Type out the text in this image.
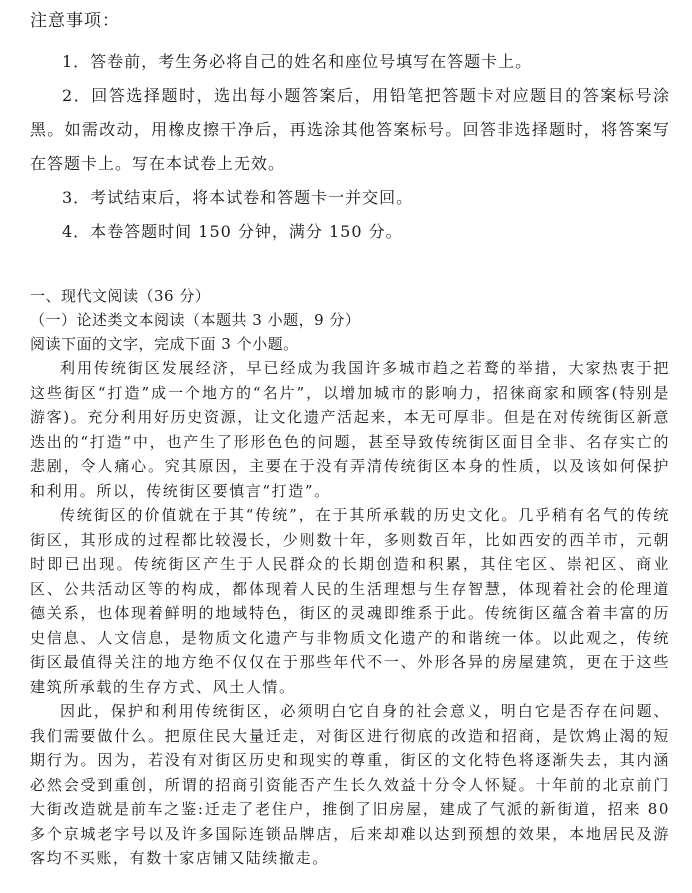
注意事项：

1．答卷前，考生务必将自己的姓名和座位号填写在答题卡上。

2．回答选择题时，选出每小题答案后，用铅笔把答题卡对应题目的答案标号涂黑。如需改动，用橡皮擦干净后，再选涂其他答案标号。回答非选择题时，将答案写在答题卡上。写在本试卷上无效。

3．考试结束后，将本试卷和答题卡一并交回。

4．本卷答题时间 150 分钟，满分 150 分。

一、现代文阅读（36 分）
（一）论述类文本阅读（本题共 3 小题，9 分）
阅读下面的文字，完成下面 3 个小题。

利用传统街区发展经济，早已经成为我国许多城市趋之若鹜的举措，大家热衷于把这些街区“打造”成一个地方的“名片”，以增加城市的影响力，招徕商家和顾客(特别是游客)。充分利用好历史资源，让文化遗产活起来，本无可厚非。但是在对传统街区新意迭出的“打造”中，也产生了形形色色的问题，甚至导致传统街区面目全非、名存实亡的悲剧，令人痛心。究其原因，主要在于没有弄清传统街区本身的性质，以及该如何保护和利用。所以，传统街区要慎言“打造”。

传统街区的价值就在于其“传统”，在于其所承载的历史文化。几乎稍有名气的传统街区，其形成的过程都比较漫长，少则数十年，多则数百年，比如西安的西羊市，元朝时即已出现。传统街区产生于人民群众的长期创造和积累，其住宅区、崇祀区、商业区、公共活动区等的构成，都体现着人民的生活理想与生存智慧，体现着社会的伦理道德关系，也体现着鲜明的地域特色，街区的灵魂即维系于此。传统街区蕴含着丰富的历史信息、人文信息，是物质文化遗产与非物质文化遗产的和谐统一体。以此观之，传统街区最值得关注的地方绝不仅仅在于那些年代不一、外形各异的房屋建筑，更在于这些建筑所承载的生存方式、风土人情。

因此，保护和利用传统街区，必须明白它自身的社会意义，明白它是否存在问题、我们需要做什么。把原住民大量迁走，对街区进行彻底的改造和招商，是饮鸩止渴的短期行为。因为，若没有对街区历史和现实的尊重，街区的文化特色将逐渐失去，其内涵必然会受到重创，所谓的招商引资能否产生长久效益十分令人怀疑。十年前的北京前门大街改造就是前车之鉴:迁走了老住户，推倒了旧房屋，建成了气派的新街道，招来 80 多个京城老字号以及许多国际连锁品牌店，后来却难以达到预想的效果，本地居民及游客均不买账，有数十家店铺又陆续撤走。
